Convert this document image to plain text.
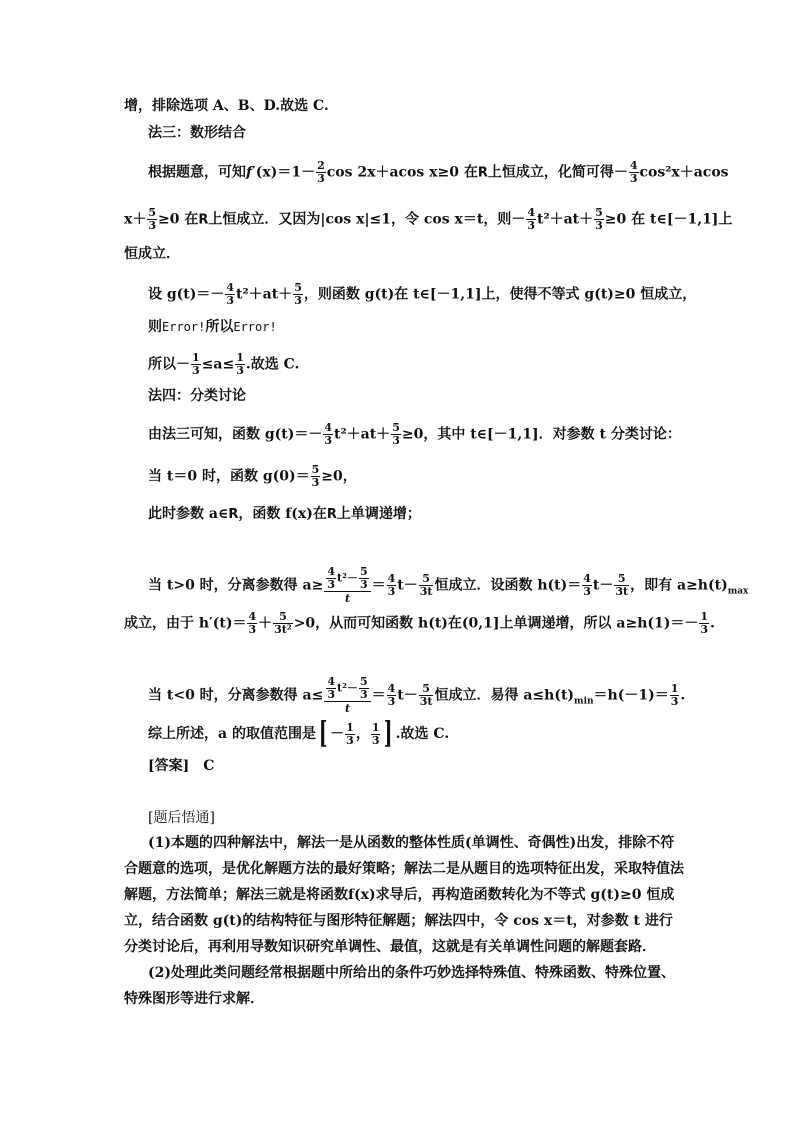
增，排除选项 A、B、D.故选 C.
法三：数形结合
根据题意，可知$f'(x)=1- \frac{2}{3}$ cos 2x＋acos x≥0 在R上恒成立，化简可得－ $\frac{4}{3} \cos^2x+acos$
$x+ \frac{5}{3} \ge 0$ 在R上恒成立．又因为|cos x|≤1，令 cos x＝t，则－ $\frac{4}{3} t^2+at+ \frac{5}{3} \ge 0$ 在 t∈[－1,1]上
恒成立．
设 $g(t)=- \frac{4}{3} t^2+at+ \frac{5}{3}$ ，则函数 g(t)在 t∈[－1,1]上，使得不等式 g(t)≥0 恒成立，
则Error!所以Error!
所以－ $\frac{1}{3} \le a\le \frac{1}{3}$ .故选 C.
法四：分类讨论
由法三可知，函数 $g(t)=- \frac{4}{3} t^2+at+ \frac{5}{3} \ge 0$，其中 t∈[－1,1]．对参数 t 分类讨论：
当 t＝0 时，函数 $g(0)= \frac{5}{3} \ge 0$，
此时参数 a∈R，函数 f(x)在R上单调递增；
当 t>0 时，分离参数得 $a\ge \frac{\frac{4}{3} t^2- \frac{5}{3}}{t} = \frac{4}{3} t- \frac{5}{3t}$ 恒成立．设函数 $h(t)= \frac{4}{3} t- \frac{5}{3t}$ ，即有 $a\ge h(t)_{max}$
成立，由于 $h'(t)= \frac{4}{3} + \frac{5}{\text{3t²}} >0$，从而可知函数 h(t)在(0,1]上单调递增，所以 $a\ge h(1)=- \frac{1}{3}$ .
当 t<0 时，分离参数得 $a\le \frac{\frac{4}{3} t^2- \frac{5}{3}}{t} = \frac{4}{3} t- \frac{5}{3t}$ 恒成立．易得 $a\le h(t)_{min}=h(-1)= \frac{1}{3}$ .
综上所述，a 的取值范围是[ － $\frac{1}{3}$ ， $\frac{1}{3}$ ] .故选 C.
[答案]　C
[题后悟通]
(1)本题的四种解法中，解法一是从函数的整体性质(单调性、奇偶性)出发，排除不符合题意的选项，是优化解题方法的最好策略；解法二是从题目的选项特征出发，采取特值法解题，方法简单；解法三就是将函数f(x)求导后，再构造函数转化为不等式 g(t)≥0 恒成立，结合函数 g(t)的结构特征与图形特征解题；解法四中，令 cos x＝t，对参数 t 进行分类讨论后，再利用导数知识研究单调性、最值，这就是有关单调性问题的解题套路．
(2)处理此类问题经常根据题中所给出的条件巧妙选择特殊值、特殊函数、特殊位置、特殊图形等进行求解．
